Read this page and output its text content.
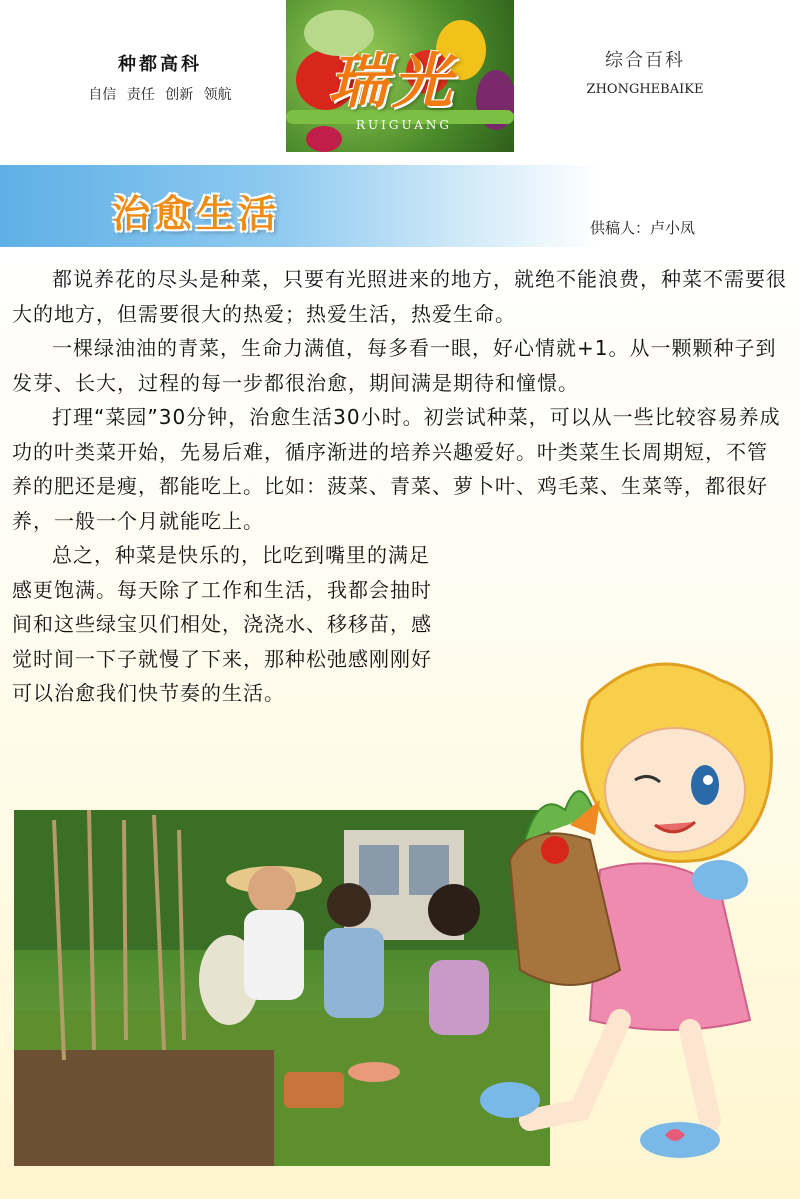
种都高科
自信 责任 创新 领航	瑞光
RUIGUANG
综合百科
ZHONGHEBAIKE
治愈生活	供稿人：卢小凤

都说养花的尽头是种菜，只要有光照进来的地方，就绝不能浪费，种菜不需要很大的地方，但需要很大的热爱；热爱生活，热爱生命。

一棵绿油油的青菜，生命力满值，每多看一眼，好心情就+1。从一颗颗种子到发芽、长大，过程的每一步都很治愈，期间满是期待和憧憬。

打理“菜园”30分钟，治愈生活30小时。初尝试种菜，可以从一些比较容易养成功的叶类菜开始，先易后难，循序渐进的培养兴趣爱好。叶类菜生长周期短，不管养的肥还是瘦，都能吃上。比如：菠菜、青菜、萝卜叶、鸡毛菜、生菜等，都很好养，一般一个月就能吃上。

总之，种菜是快乐的，比吃到嘴里的满足感更饱满。每天除了工作和生活，我都会抽时间和这些绿宝贝们相处，浇浇水、移移苗，感觉时间一下子就慢了下来，那种松弛感刚刚好可以治愈我们快节奏的生活。
